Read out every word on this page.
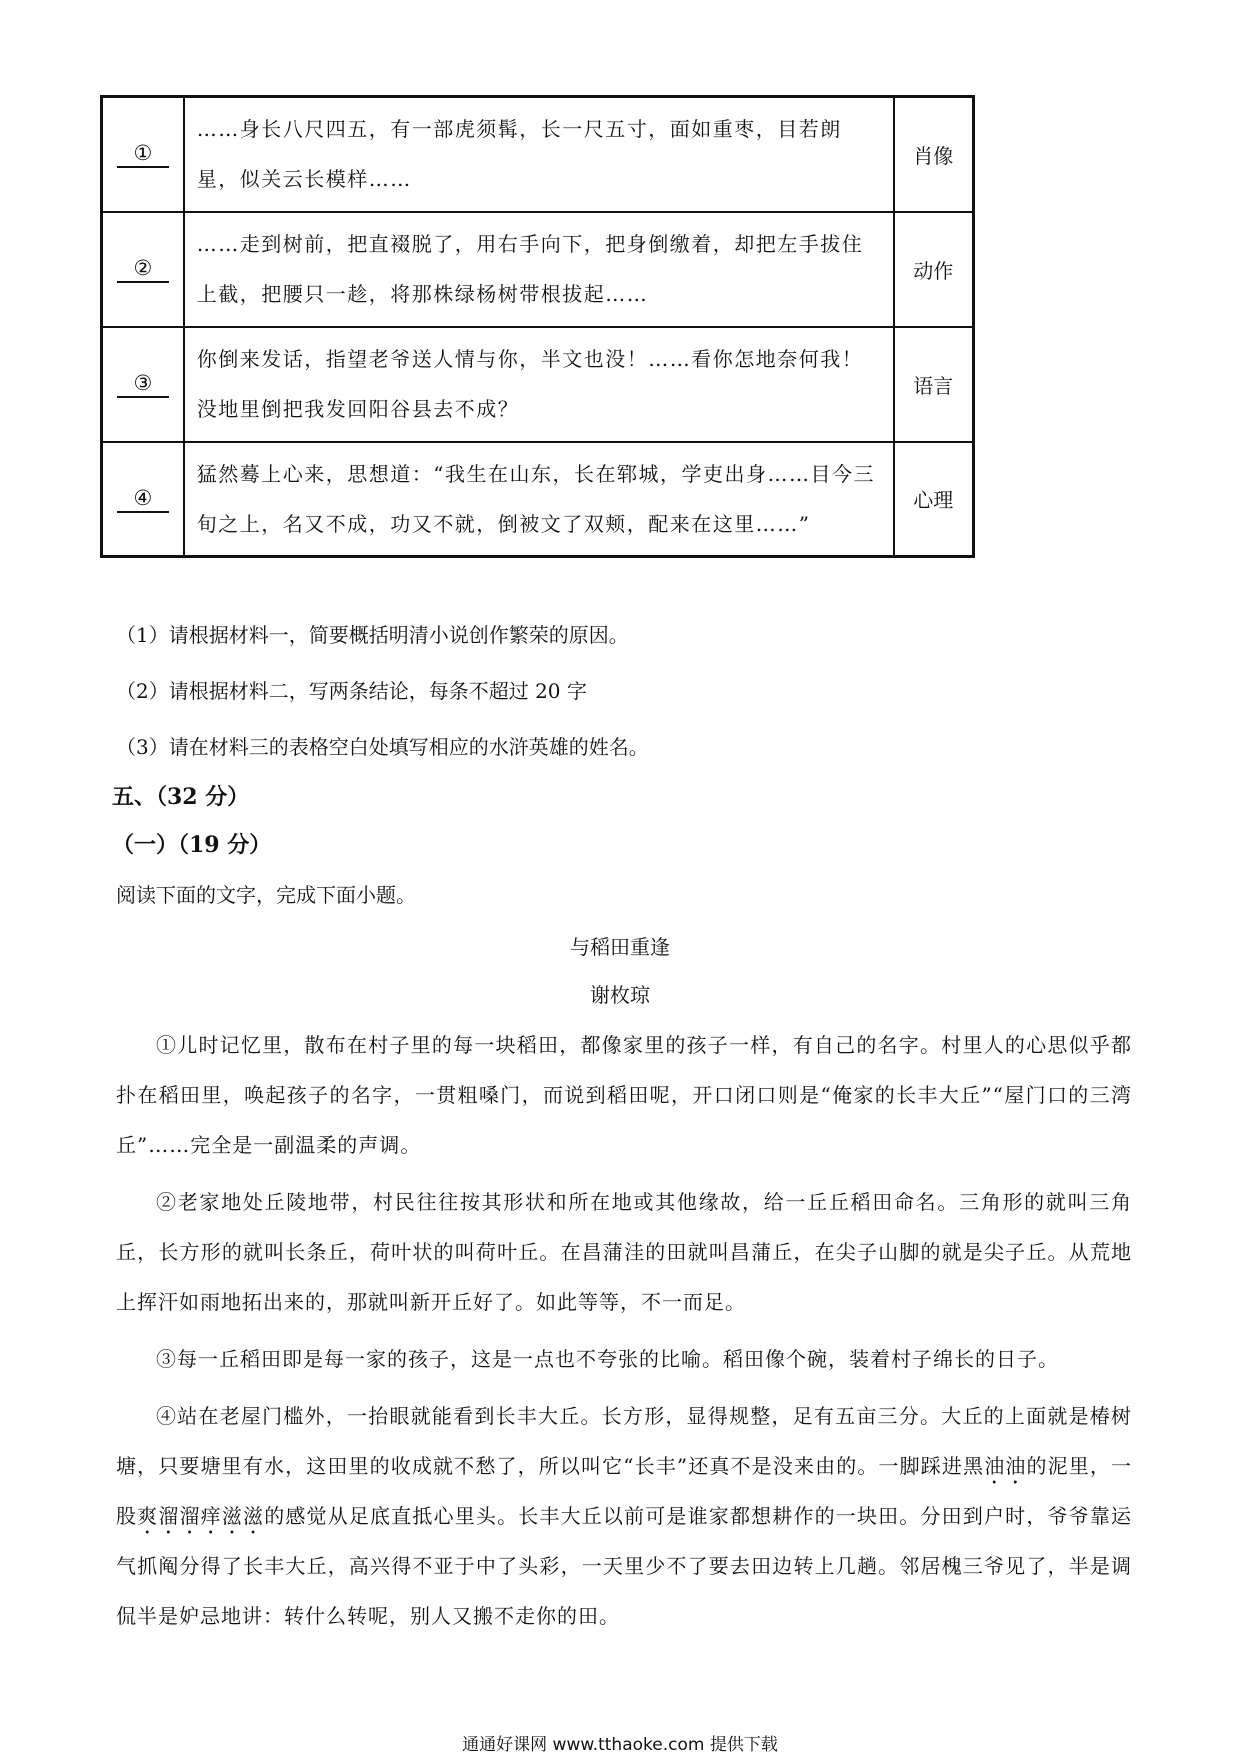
①	……身长八尺四五，有一部虎须髯，长一尺五寸，面如重枣，目若朗星，似关云长模样……	肖像
②	……走到树前，把直裰脱了，用右手向下，把身倒缴着，却把左手拔住上截，把腰只一趁，将那株绿杨树带根拔起……	动作
③	你倒来发话，指望老爷送人情与你，半文也没！……看你怎地奈何我！没地里倒把我发回阳谷县去不成？	语言
④	猛然蓦上心来，思想道：“我生在山东，长在郓城，学吏出身……目今三旬之上，名又不成，功又不就，倒被文了双颊，配来在这里……”	心理
（1）请根据材料一，简要概括明清小说创作繁荣的原因。
（2）请根据材料二，写两条结论，每条不超过 20 字
（3）请在材料三的表格空白处填写相应的水浒英雄的姓名。
五、（32 分）
（一）（19 分）
阅读下面的文字，完成下面小题。
与稻田重逢
谢枚琼

①儿时记忆里，散布在村子里的每一块稻田，都像家里的孩子一样，有自己的名字。村里人的心思似乎都扑在稻田里，唤起孩子的名字，一贯粗嗓门，而说到稻田呢，开口闭口则是“俺家的长丰大丘”“屋门口的三湾丘”……完全是一副温柔的声调。

②老家地处丘陵地带，村民往往按其形状和所在地或其他缘故，给一丘丘稻田命名。三角形的就叫三角丘，长方形的就叫长条丘，荷叶状的叫荷叶丘。在昌蒲洼的田就叫昌蒲丘，在尖子山脚的就是尖子丘。从荒地上挥汗如雨地拓出来的，那就叫新开丘好了。如此等等，不一而足。

③每一丘稻田即是每一家的孩子，这是一点也不夸张的比喻。稻田像个碗，装着村子绵长的日子。

④站在老屋门槛外，一抬眼就能看到长丰大丘。长方形，显得规整，足有五亩三分。大丘的上面就是椿树塘，只要塘里有水，这田里的收成就不愁了，所以叫它“长丰”还真不是没来由的。一脚踩进黑油油的泥里，一股爽溜溜痒滋滋的感觉从足底直抵心里头。长丰大丘以前可是谁家都想耕作的一块田。分田到户时，爷爷靠运气抓阄分得了长丰大丘，高兴得不亚于中了头彩，一天里少不了要去田边转上几趟。邻居槐三爷见了，半是调侃半是妒忌地讲：转什么转呢，别人又搬不走你的田。

通通好课网 www.tthaoke.com 提供下载
